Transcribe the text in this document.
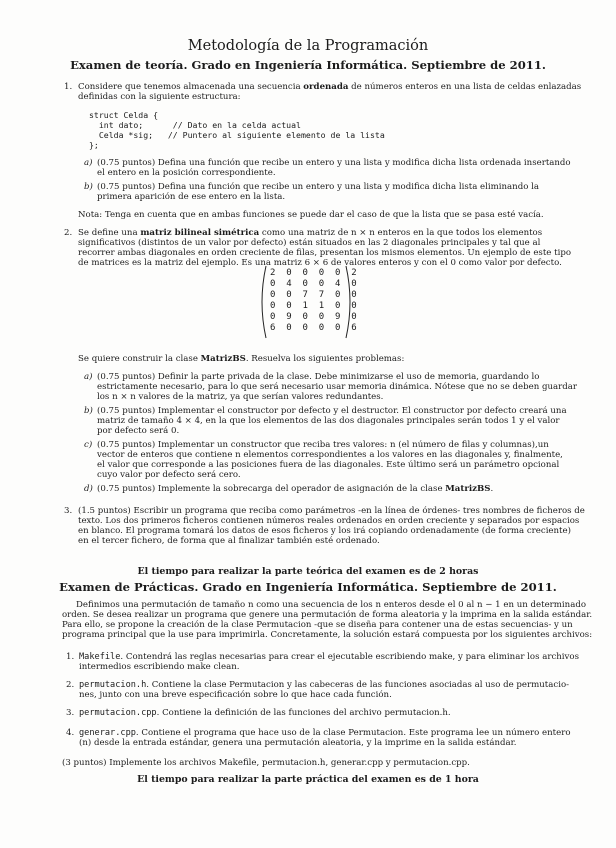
Metodología de la Programación
Examen de teoría. Grado en Ingeniería Informática. Septiembre de 2011.
1. Considere que tenemos almacenada una secuencia ordenada de números enteros en una lista de celdas enlazadas
definidas con la siguiente estructura:
struct Celda {
int dato;      // Dato en la celda actual
Celda *sig;   // Puntero al siguiente elemento de la lista
};
a) (0.75 puntos) Defina una función que recibe un entero y una lista y modifica dicha lista ordenada insertando
el entero en la posición correspondiente.
b) (0.75 puntos) Defina una función que recibe un entero y una lista y modifica dicha lista eliminando la
primera aparición de ese entero en la lista.
Nota: Tenga en cuenta que en ambas funciones se puede dar el caso de que la lista que se pasa esté vacía.
2. Se define una matriz bilineal simétrica como una matriz de n × n enteros en la que todos los elementos
significativos (distintos de un valor por defecto) están situados en las 2 diagonales principales y tal que al
recorrer ambas diagonales en orden creciente de filas, presentan los mismos elementos. Un ejemplo de este tipo
de matrices es la matriz del ejemplo. Es una matriz 6 × 6 de valores enteros y con el 0 como valor por defecto.
2  0  0  0  0  2
0  4  0  0  4  0
0  0  7  7  0  0
0  0  1  1  0  0
0  9  0  0  9  0
6  0  0  0  0  6
Se quiere construir la clase MatrizBS. Resuelva los siguientes problemas:
a) (0.75 puntos) Definir la parte privada de la clase. Debe minimizarse el uso de memoria, guardando lo
estrictamente necesario, para lo que será necesario usar memoria dinámica. Nótese que no se deben guardar
los n × n valores de la matriz, ya que serían valores redundantes.
b) (0.75 puntos) Implementar el constructor por defecto y el destructor. El constructor por defecto creará una
matriz de tamaño 4 × 4, en la que los elementos de las dos diagonales principales serán todos 1 y el valor
por defecto será 0.
c) (0.75 puntos) Implementar un constructor que reciba tres valores: n (el número de filas y columnas),un
vector de enteros que contiene n elementos correspondientes a los valores en las diagonales y, finalmente,
el valor que corresponde a las posiciones fuera de las diagonales. Este último será un parámetro opcional
cuyo valor por defecto será cero.
d) (0.75 puntos) Implemente la sobrecarga del operador de asignación de la clase MatrizBS.
3. (1.5 puntos) Escribir un programa que reciba como parámetros -en la línea de órdenes- tres nombres de ficheros de
texto. Los dos primeros ficheros contienen números reales ordenados en orden creciente y separados por espacios
en blanco. El programa tomará los datos de esos ficheros y los irá copiando ordenadamente (de forma creciente)
en el tercer fichero, de forma que al finalizar también esté ordenado.
El tiempo para realizar la parte teórica del examen es de 2 horas
Examen de Prácticas. Grado en Ingeniería Informática. Septiembre de 2011.
Definimos una permutación de tamaño n como una secuencia de los n enteros desde el 0 al n − 1 en un determinado
orden. Se desea realizar un programa que genere una permutación de forma aleatoria y la imprima en la salida estándar.
Para ello, se propone la creación de la clase Permutacion -que se diseña para contener una de estas secuencias- y un
programa principal que la use para imprimirla. Concretamente, la solución estará compuesta por los siguientes archivos:
1. Makefile. Contendrá las reglas necesarias para crear el ejecutable escribiendo make, y para eliminar los archivos
intermedios escribiendo make clean.
2. permutacion.h. Contiene la clase Permutacion y las cabeceras de las funciones asociadas al uso de permutacio-
nes, junto con una breve especificación sobre lo que hace cada función.
3. permutacion.cpp. Contiene la definición de las funciones del archivo permutacion.h.
4. generar.cpp. Contiene el programa que hace uso de la clase Permutacion. Este programa lee un número entero
(n) desde la entrada estándar, genera una permutación aleatoria, y la imprime en la salida estándar.
(3 puntos) Implemente los archivos Makefile, permutacion.h, generar.cpp y permutacion.cpp.
El tiempo para realizar la parte práctica del examen es de 1 hora
